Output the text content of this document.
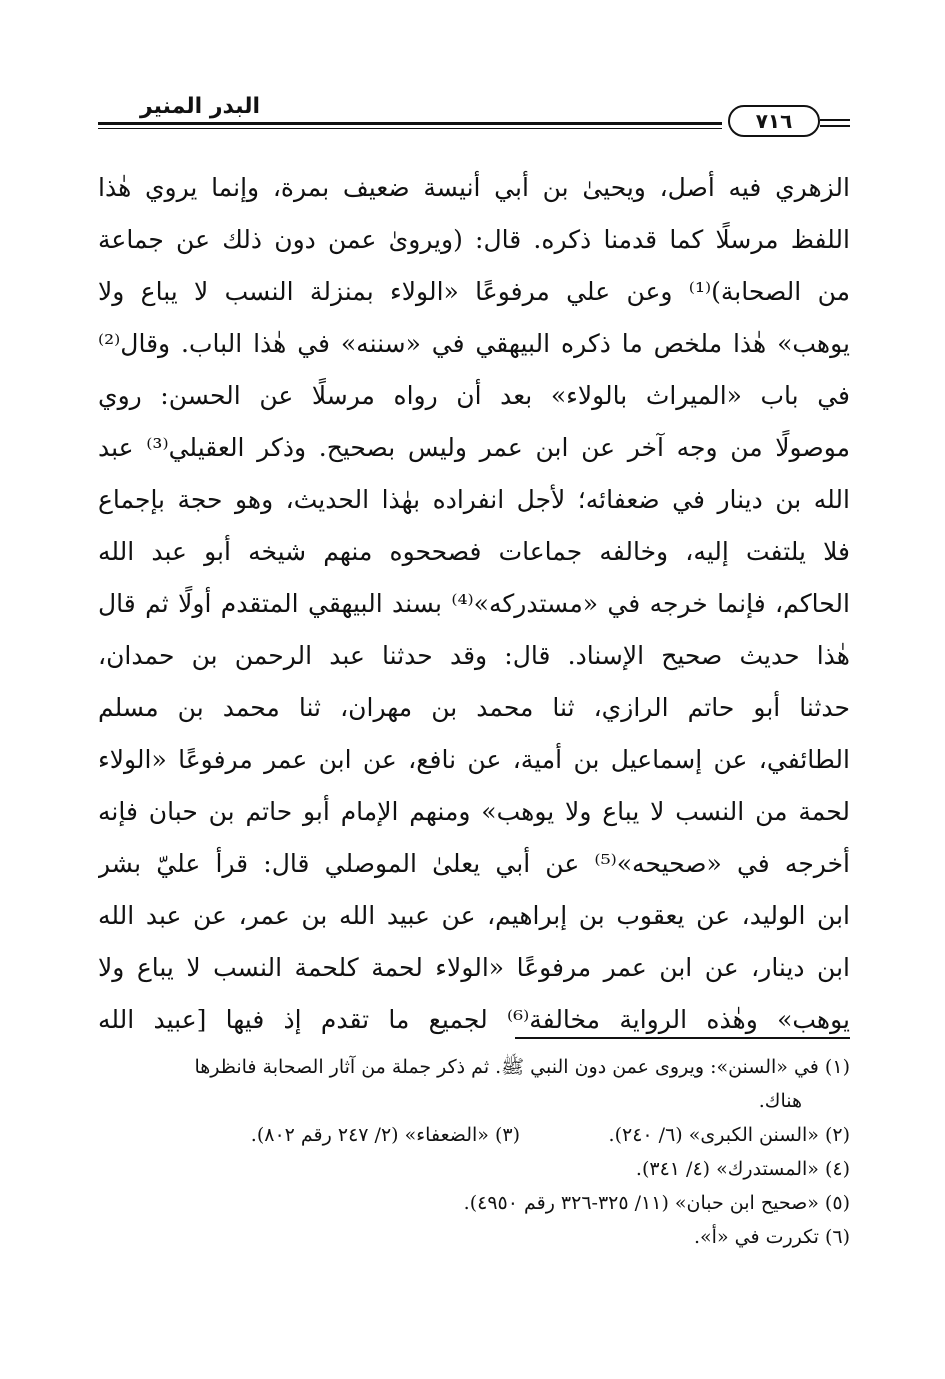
البدر المنير
٧١٦
الزهري فيه أصل، ويحيىٰ بن أبي أنيسة ضعيف بمرة، وإنما يروي هٰذا
اللفظ مرسلًا كما قدمنا ذكره. قال: (ويروىٰ عمن دون ذلك عن جماعة
من الصحابة)⁽¹⁾ وعن علي مرفوعًا «الولاء بمنزلة النسب لا يباع ولا
يوهب» هٰذا ملخص ما ذكره البيهقي في «سننه» في هٰذا الباب. وقال⁽²⁾
في باب «الميراث بالولاء» بعد أن رواه مرسلًا عن الحسن: روي
موصولًا من وجه آخر عن ابن عمر وليس بصحيح. وذكر العقيلي⁽³⁾ عبد
الله بن دينار في ضعفائه؛ لأجل انفراده بهٰذا الحديث، وهو حجة بإجماع
فلا يلتفت إليه، وخالفه جماعات فصححوه منهم شيخه أبو عبد الله
الحاكم، فإنما خرجه في «مستدركه»⁽⁴⁾ بسند البيهقي المتقدم أولًا ثم قال
هٰذا حديث صحيح الإسناد. قال: وقد حدثنا عبد الرحمن بن حمدان،
حدثنا أبو حاتم الرازي، ثنا محمد بن مهران، ثنا محمد بن مسلم
الطائفي، عن إسماعيل بن أمية، عن نافع، عن ابن عمر مرفوعًا «الولاء
لحمة من النسب لا يباع ولا يوهب» ومنهم الإمام أبو حاتم بن حبان فإنه
أخرجه في «صحيحه»⁽⁵⁾ عن أبي يعلىٰ الموصلي قال: قرأ عليّ بشر
ابن الوليد، عن يعقوب بن إبراهيم، عن عبيد الله بن عمر، عن عبد الله
ابن دينار، عن ابن عمر مرفوعًا «الولاء لحمة كلحمة النسب لا يباع ولا
يوهب» وهٰذه الرواية مخالفة⁽⁶⁾ لجميع ما تقدم إذ فيها [عبيد الله
(١) في «السنن»: ويروى عمن دون النبي ﷺ. ثم ذكر جملة من آثار الصحابة فانظرها
هناك.
(٢) «السنن الكبرى» (٦/ ٢٤٠).
(٣) «الضعفاء» (٢/ ٢٤٧ رقم ٨٠٢).
(٤) «المستدرك» (٤/ ٣٤١).
(٥) «صحيح ابن حبان» (١١/ ٣٢٥-٣٢٦ رقم ٤٩٥٠).
(٦) تكررت في «أ».
